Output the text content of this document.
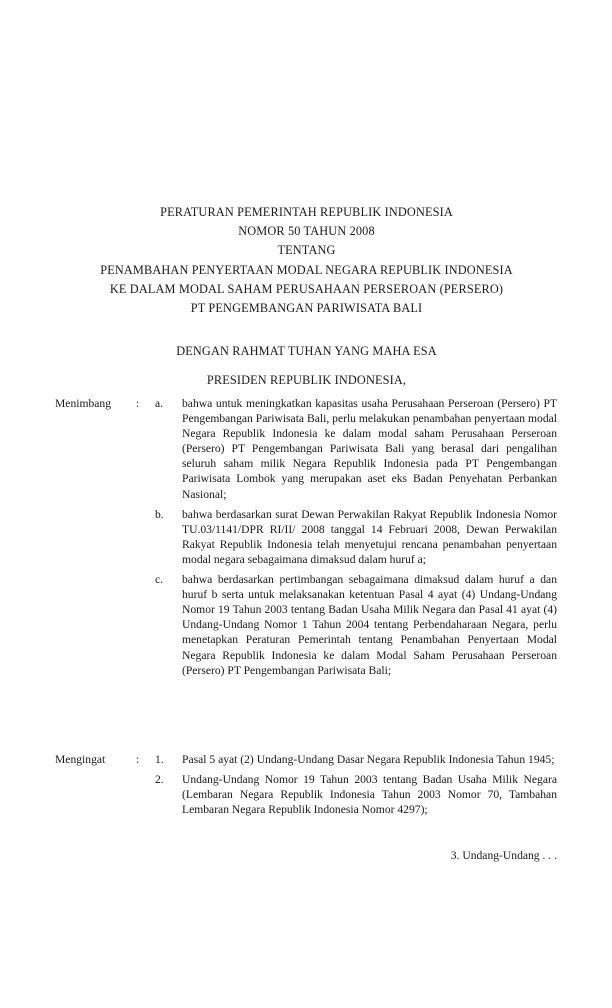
PERATURAN PEMERINTAH REPUBLIK INDONESIA
NOMOR 50 TAHUN 2008
TENTANG
PENAMBAHAN PENYERTAAN MODAL NEGARA REPUBLIK INDONESIA
KE DALAM MODAL SAHAM PERUSAHAAN PERSEROAN (PERSERO)
PT PENGEMBANGAN PARIWISATA BALI
DENGAN RAHMAT TUHAN YANG MAHA ESA
PRESIDEN REPUBLIK INDONESIA,
Menimbang	: a.	bahwa untuk meningkatkan kapasitas usaha Perusahaan Perseroan (Persero) PT Pengembangan Pariwisata Bali, perlu melakukan penambahan penyertaan modal Negara Republik Indonesia ke dalam modal saham Perusahaan Perseroan (Persero) PT Pengembangan Pariwisata Bali yang berasal dari pengalihan seluruh saham milik Negara Republik Indonesia pada PT Pengembangan Pariwisata Lombok yang merupakan aset eks Badan Penyehatan Perbankan Nasional;
b.	bahwa berdasarkan surat Dewan Perwakilan Rakyat Republik Indonesia Nomor TU.03/1141/DPR RI/II/ 2008 tanggal 14 Februari 2008, Dewan Perwakilan Rakyat Republik Indonesia telah menyetujui rencana penambahan penyertaan modal negara sebagaimana dimaksud dalam huruf a;
c.	bahwa berdasarkan pertimbangan sebagaimana dimaksud dalam huruf a dan huruf b serta untuk melaksanakan ketentuan Pasal 4 ayat (4) Undang-Undang Nomor 19 Tahun 2003 tentang Badan Usaha Milik Negara dan Pasal 41 ayat (4) Undang-Undang Nomor 1 Tahun 2004 tentang Perbendaharaan Negara, perlu menetapkan Peraturan Pemerintah tentang Penambahan Penyertaan Modal Negara Republik Indonesia ke dalam Modal Saham Perusahaan Perseroan (Persero) PT Pengembangan Pariwisata Bali;
Mengingat	: 1.	Pasal 5 ayat (2) Undang-Undang Dasar Negara Republik Indonesia Tahun 1945;
2.	Undang-Undang Nomor 19 Tahun 2003 tentang Badan Usaha Milik Negara (Lembaran Negara Republik Indonesia Tahun 2003 Nomor 70, Tambahan Lembaran Negara Republik Indonesia Nomor 4297);
3. Undang-Undang . . .
